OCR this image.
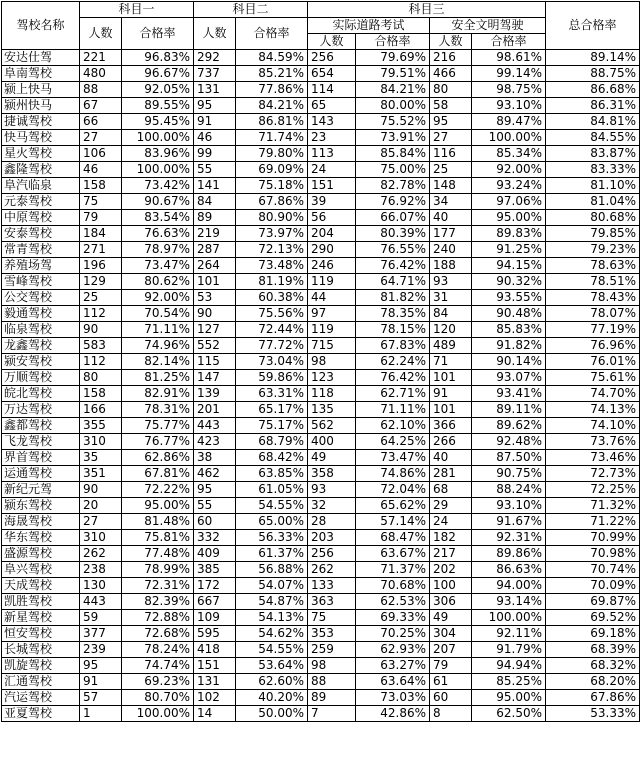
驾校名称	科目一		科目二		科目三				总合格率
	人数	合格率	人数	合格率	实际道路考试		安全文明驾驶		
					人数	合格率	人数	合格率	
安达仕驾	221	96.83%	292	84.59%	256	79.69%	216	98.61%	89.14%
阜南驾校	480	96.67%	737	85.21%	654	79.51%	466	99.14%	88.75%
颍上快马	88	92.05%	131	77.86%	114	84.21%	80	98.75%	86.68%
颍州快马	67	89.55%	95	84.21%	65	80.00%	58	93.10%	86.31%
捷诚驾校	66	95.45%	91	86.81%	143	75.52%	95	89.47%	84.81%
快马驾校	27	100.00%	46	71.74%	23	73.91%	27	100.00%	84.55%
星火驾校	106	83.96%	99	79.80%	113	85.84%	116	85.34%	83.87%
鑫隆驾校	46	100.00%	55	69.09%	24	75.00%	25	92.00%	83.33%
阜汽临泉	158	73.42%	141	75.18%	151	82.78%	148	93.24%	81.10%
元泰驾校	75	90.67%	84	67.86%	39	76.92%	34	97.06%	81.04%
中原驾校	79	83.54%	89	80.90%	56	66.07%	40	95.00%	80.68%
安泰驾校	184	76.63%	219	73.97%	204	80.39%	177	89.83%	79.85%
常青驾校	271	78.97%	287	72.13%	290	76.55%	240	91.25%	79.23%
养殖场驾	196	73.47%	264	73.48%	246	76.42%	188	94.15%	78.63%
雪峰驾校	129	80.62%	101	81.19%	119	64.71%	93	90.32%	78.51%
公交驾校	25	92.00%	53	60.38%	44	81.82%	31	93.55%	78.43%
毅通驾校	112	70.54%	90	75.56%	97	78.35%	84	90.48%	78.07%
临泉驾校	90	71.11%	127	72.44%	119	78.15%	120	85.83%	77.19%
龙鑫驾校	583	74.96%	552	77.72%	715	67.83%	489	91.82%	76.96%
颍安驾校	112	82.14%	115	73.04%	98	62.24%	71	90.14%	76.01%
万顺驾校	80	81.25%	147	59.86%	123	76.42%	101	93.07%	75.61%
皖北驾校	158	82.91%	139	63.31%	118	62.71%	91	93.41%	74.70%
万达驾校	166	78.31%	201	65.17%	135	71.11%	101	89.11%	74.13%
鑫都驾校	355	75.77%	443	75.17%	562	62.10%	366	89.62%	74.10%
飞龙驾校	310	76.77%	423	68.79%	400	64.25%	266	92.48%	73.76%
界首驾校	35	62.86%	38	68.42%	49	73.47%	40	87.50%	73.46%
运通驾校	351	67.81%	462	63.85%	358	74.86%	281	90.75%	72.73%
新纪元驾	90	72.22%	95	61.05%	93	72.04%	68	88.24%	72.25%
颍东驾校	20	95.00%	55	54.55%	32	65.62%	29	93.10%	71.32%
海晟驾校	27	81.48%	60	65.00%	28	57.14%	24	91.67%	71.22%
华东驾校	310	75.81%	332	56.33%	203	68.47%	182	92.31%	70.99%
盛源驾校	262	77.48%	409	61.37%	256	63.67%	217	89.86%	70.98%
阜兴驾校	238	78.99%	385	56.88%	262	71.37%	202	86.63%	70.74%
天成驾校	130	72.31%	172	54.07%	133	70.68%	100	94.00%	70.09%
凯胜驾校	443	82.39%	667	54.87%	363	62.53%	306	93.14%	69.87%
新星驾校	59	72.88%	109	54.13%	75	69.33%	49	100.00%	69.52%
恒安驾校	377	72.68%	595	54.62%	353	70.25%	304	92.11%	69.18%
长城驾校	239	78.24%	418	54.55%	259	62.93%	207	91.79%	68.39%
凯旋驾校	95	74.74%	151	53.64%	98	63.27%	79	94.94%	68.32%
汇通驾校	91	69.23%	131	62.60%	88	63.64%	61	85.25%	68.20%
汽运驾校	57	80.70%	102	40.20%	89	73.03%	60	95.00%	67.86%
亚夏驾校	1	100.00%	14	50.00%	7	42.86%	8	62.50%	53.33%
